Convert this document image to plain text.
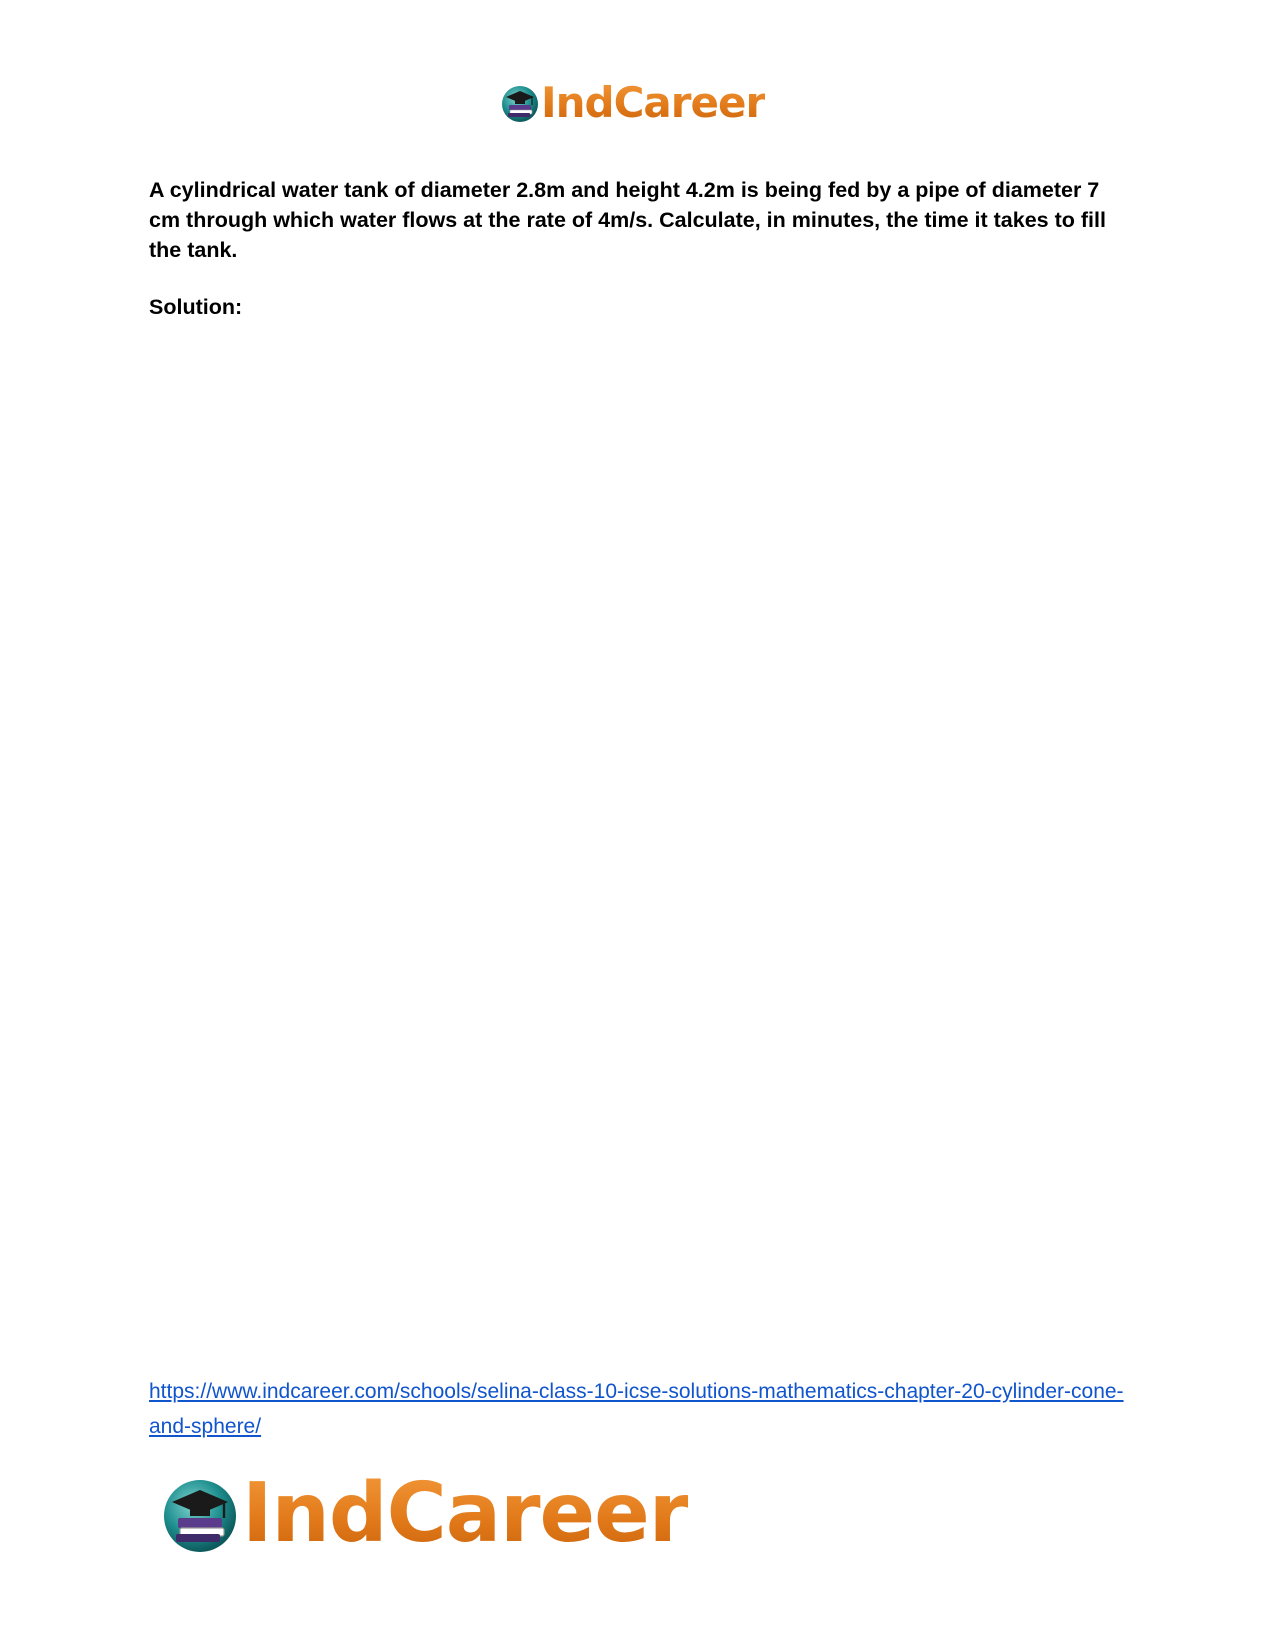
IndCareer

A cylindrical water tank of diameter 2.8m and height 4.2m is being fed by a pipe of diameter 7 cm through which water flows at the rate of 4m/s. Calculate, in minutes, the time it takes to fill the tank.

Solution:

https://www.indcareer.com/schools/selina-class-10-icse-solutions-mathematics-chapter-20-cylinder-cone-and-sphere/
IndCareer
